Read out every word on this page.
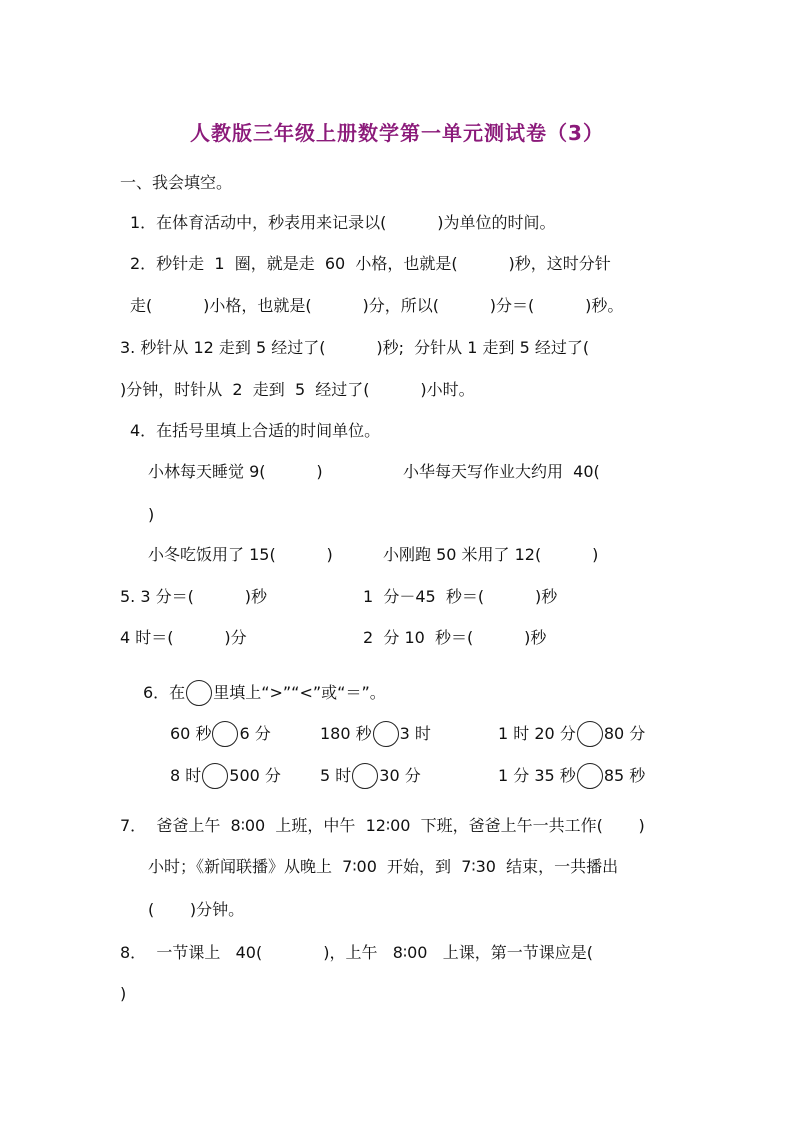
人教版三年级上册数学第一单元测试卷（3）
一、我会填空。
1．在体育活动中，秒表用来记录以(          )为单位的时间。
2．秒针走  1  圈，就是走  60  小格，也就是(          )秒，这时分针
走(          )小格，也就是(          )分，所以(          )分＝(          )秒。
3. 秒针从 12 走到 5 经过了(          )秒;  分针从 1 走到 5 经过了(
)分钟，时针从  2  走到  5  经过了(          )小时。
4．在括号里填上合适的时间单位。
小林每天睡觉 9(          )	小华每天写作业大约用  40(
)
小冬吃饭用了 15(          )	小刚跑 50 米用了 12(          )
5. 3 分＝(          )秒	1  分－45  秒＝(          )秒
4 时＝(          )分	2  分 10  秒＝(          )秒
6．在 里填上“>”“<”或“＝”。
60 秒 6 分	180 秒 3 时	1 时 20 分 80 分
8 时 500 分 5 时 30 分	1 分 35 秒 85 秒
7．  爸爸上午  8∶00  上班，中午  12∶00  下班，爸爸上午一共工作(       )
小时；《新闻联播》从晚上  7∶00  开始，到  7∶30  结束，一共播出
(       )分钟。
8．  一节课上   40(            )，上午   8∶00   上课，第一节课应是(
)
